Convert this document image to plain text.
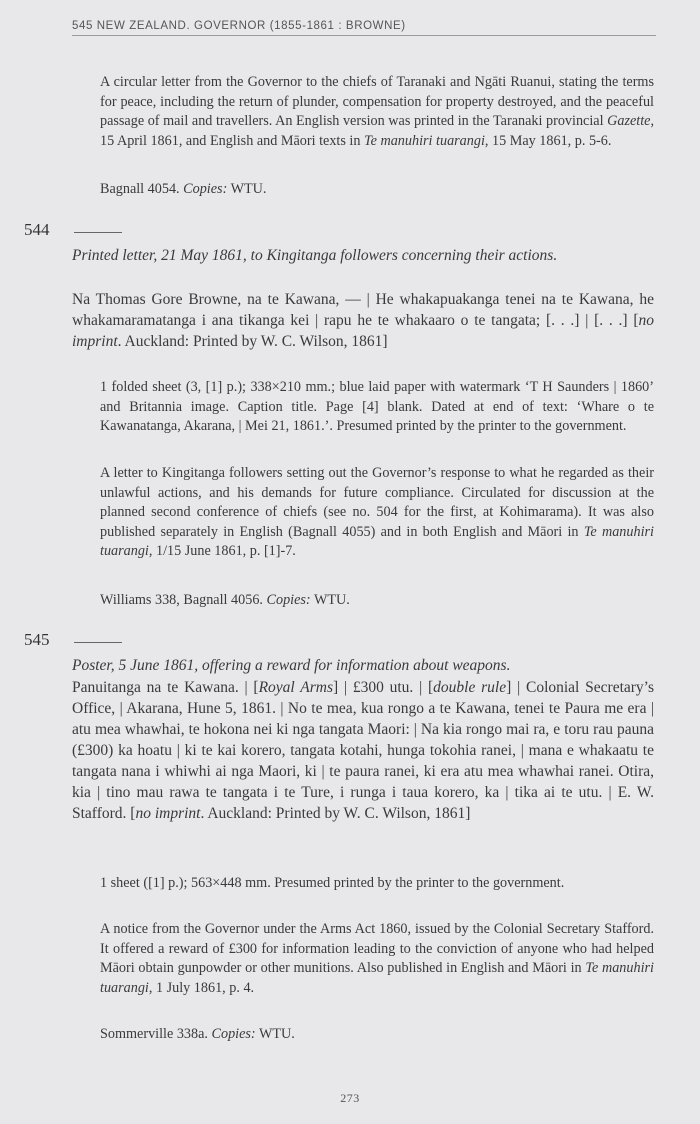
545 NEW ZEALAND. GOVERNOR (1855-1861 : BROWNE)
A circular letter from the Governor to the chiefs of Taranaki and Ngāti Ruanui, stating the terms for peace, including the return of plunder, compensation for property destroyed, and the peaceful passage of mail and travellers. An English version was printed in the Taranaki provincial Gazette, 15 April 1861, and English and Māori texts in Te manuhiri tuarangi, 15 May 1861, p. 5-6.
Bagnall 4054. Copies: WTU.
544
Printed letter, 21 May 1861, to Kingitanga followers concerning their actions.
Na Thomas Gore Browne, na te Kawana, — | He whakapuakanga tenei na te Kawana, he whakamaramatanga i ana tikanga kei | rapu he te whakaaro o te tangata; [. . .] | [. . .] [no imprint. Auckland: Printed by W. C. Wilson, 1861]
1 folded sheet (3, [1] p.); 338×210 mm.; blue laid paper with watermark ‘T H Saunders | 1860’ and Britannia image. Caption title. Page [4] blank. Dated at end of text: ‘Whare o te Kawanatanga, Akarana, | Mei 21, 1861.’. Presumed printed by the printer to the government.
A letter to Kingitanga followers setting out the Governor’s response to what he regarded as their unlawful actions, and his demands for future compliance. Circulated for discussion at the planned second conference of chiefs (see no. 504 for the first, at Kohimarama). It was also published separately in English (Bagnall 4055) and in both English and Māori in Te manuhiri tuarangi, 1/15 June 1861, p. [1]-7.
Williams 338, Bagnall 4056. Copies: WTU.
545
Poster, 5 June 1861, offering a reward for information about weapons.
Panuitanga na te Kawana. | [Royal Arms] | £300 utu. | [double rule] | Colonial Secretary’s Office, | Akarana, Hune 5, 1861. | No te mea, kua rongo a te Kawana, tenei te Paura me era | atu mea whawhai, te hokona nei ki nga tangata Maori: | Na kia rongo mai ra, e toru rau pauna (£300) ka hoatu | ki te kai korero, tangata kotahi, hunga tokohia ranei, | mana e whakaatu te tangata nana i whiwhi ai nga Maori, ki | te paura ranei, ki era atu mea whawhai ranei. Otira, kia | tino mau rawa te tangata i te Ture, i runga i taua korero, ka | tika ai te utu. | E. W. Stafford. [no imprint. Auckland: Printed by W. C. Wilson, 1861]
1 sheet ([1] p.); 563×448 mm. Presumed printed by the printer to the government.
A notice from the Governor under the Arms Act 1860, issued by the Colonial Secretary Stafford. It offered a reward of £300 for information leading to the conviction of anyone who had helped Māori obtain gunpowder or other munitions. Also published in English and Māori in Te manuhiri tuarangi, 1 July 1861, p. 4.
Sommerville 338a. Copies: WTU.
273
